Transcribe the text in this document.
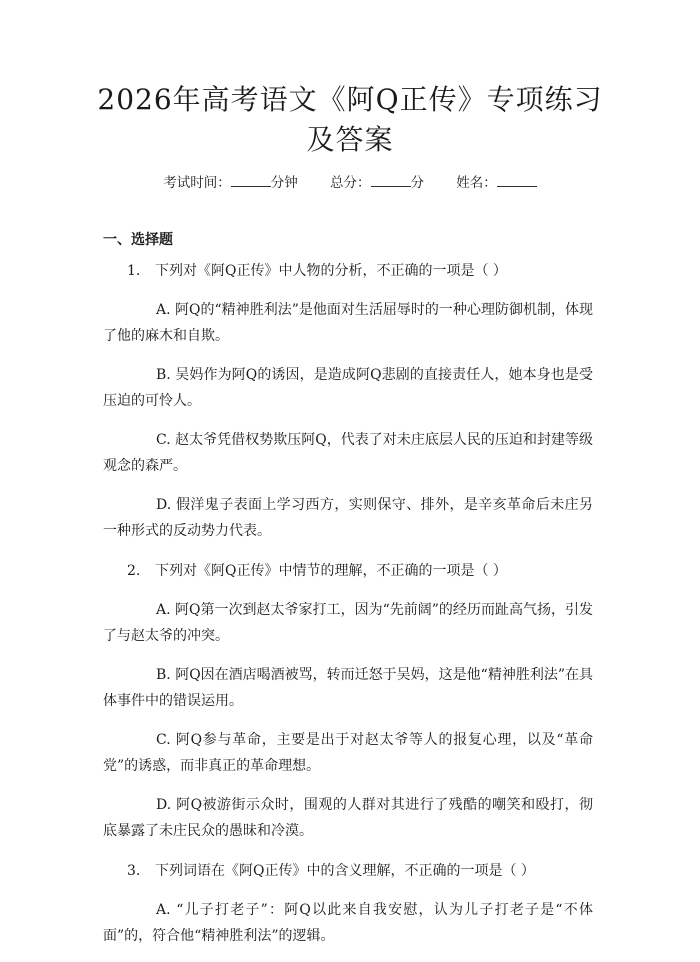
2026年高考语文《阿Q正传》专项练习及答案
考试时间：	分钟 总分：	分 姓名：
一、选择题
1. 下列对《阿Q正传》中人物的分析，不正确的一项是（ ）
A. 阿Q的“精神胜利法”是他面对生活屈辱时的一种心理防御机制，体现了他的麻木和自欺。
B. 吴妈作为阿Q的诱因，是造成阿Q悲剧的直接责任人，她本身也是受压迫的可怜人。
C. 赵太爷凭借权势欺压阿Q，代表了对未庄底层人民的压迫和封建等级观念的森严。
D. 假洋鬼子表面上学习西方，实则保守、排外，是辛亥革命后未庄另一种形式的反动势力代表。
2. 下列对《阿Q正传》中情节的理解，不正确的一项是（ ）
A. 阿Q第一次到赵太爷家打工，因为“先前阔”的经历而趾高气扬，引发了与赵太爷的冲突。
B. 阿Q因在酒店喝酒被骂，转而迁怒于吴妈，这是他“精神胜利法”在具体事件中的错误运用。
C. 阿Q参与革命，主要是出于对赵太爷等人的报复心理，以及“革命党”的诱惑，而非真正的革命理想。
D. 阿Q被游街示众时，围观的人群对其进行了残酷的嘲笑和殴打，彻底暴露了未庄民众的愚昧和冷漠。
3. 下列词语在《阿Q正传》中的含义理解，不正确的一项是（ ）
A. “儿子打老子”：阿Q以此来自我安慰，认为儿子打老子是“不体面”的，符合他“精神胜利法”的逻辑。
